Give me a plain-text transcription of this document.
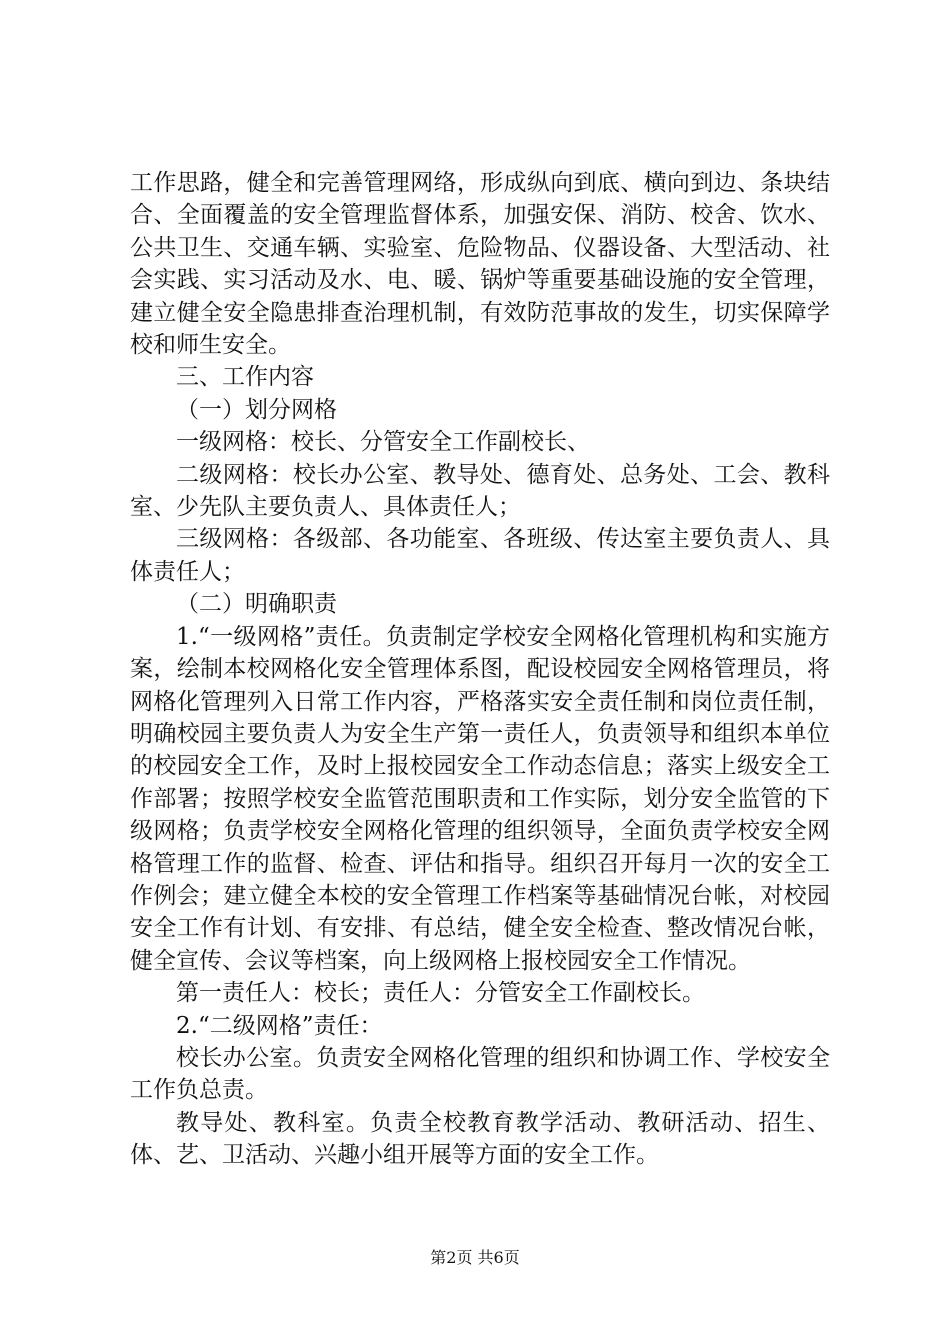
工作思路，健全和完善管理网络，形成纵向到底、横向到边、条块结合、全面覆盖的安全管理监督体系，加强安保、消防、校舍、饮水、公共卫生、交通车辆、实验室、危险物品、仪器设备、大型活动、社会实践、实习活动及水、电、暖、锅炉等重要基础设施的安全管理，建立健全安全隐患排查治理机制，有效防范事故的发生，切实保障学校和师生安全。

三、工作内容

（一）划分网格

一级网格：校长、分管安全工作副校长、

二级网格：校长办公室、教导处、德育处、总务处、工会、教科室、少先队主要负责人、具体责任人；

三级网格：各级部、各功能室、各班级、传达室主要负责人、具体责任人；

（二）明确职责

1.“一级网格”责任。负责制定学校安全网格化管理机构和实施方案，绘制本校网格化安全管理体系图，配设校园安全网格管理员，将网格化管理列入日常工作内容，严格落实安全责任制和岗位责任制，明确校园主要负责人为安全生产第一责任人，负责领导和组织本单位的校园安全工作，及时上报校园安全工作动态信息；落实上级安全工作部署；按照学校安全监管范围职责和工作实际，划分安全监管的下级网格；负责学校安全网格化管理的组织领导，全面负责学校安全网格管理工作的监督、检查、评估和指导。组织召开每月一次的安全工作例会；建立健全本校的安全管理工作档案等基础情况台帐，对校园安全工作有计划、有安排、有总结，健全安全检查、整改情况台帐，健全宣传、会议等档案，向上级网格上报校园安全工作情况。

第一责任人：校长；责任人：分管安全工作副校长。

2.“二级网格”责任：

校长办公室。负责安全网格化管理的组织和协调工作、学校安全工作负总责。

教导处、教科室。负责全校教育教学活动、教研活动、招生、体、艺、卫活动、兴趣小组开展等方面的安全工作。

第2页 共6页
